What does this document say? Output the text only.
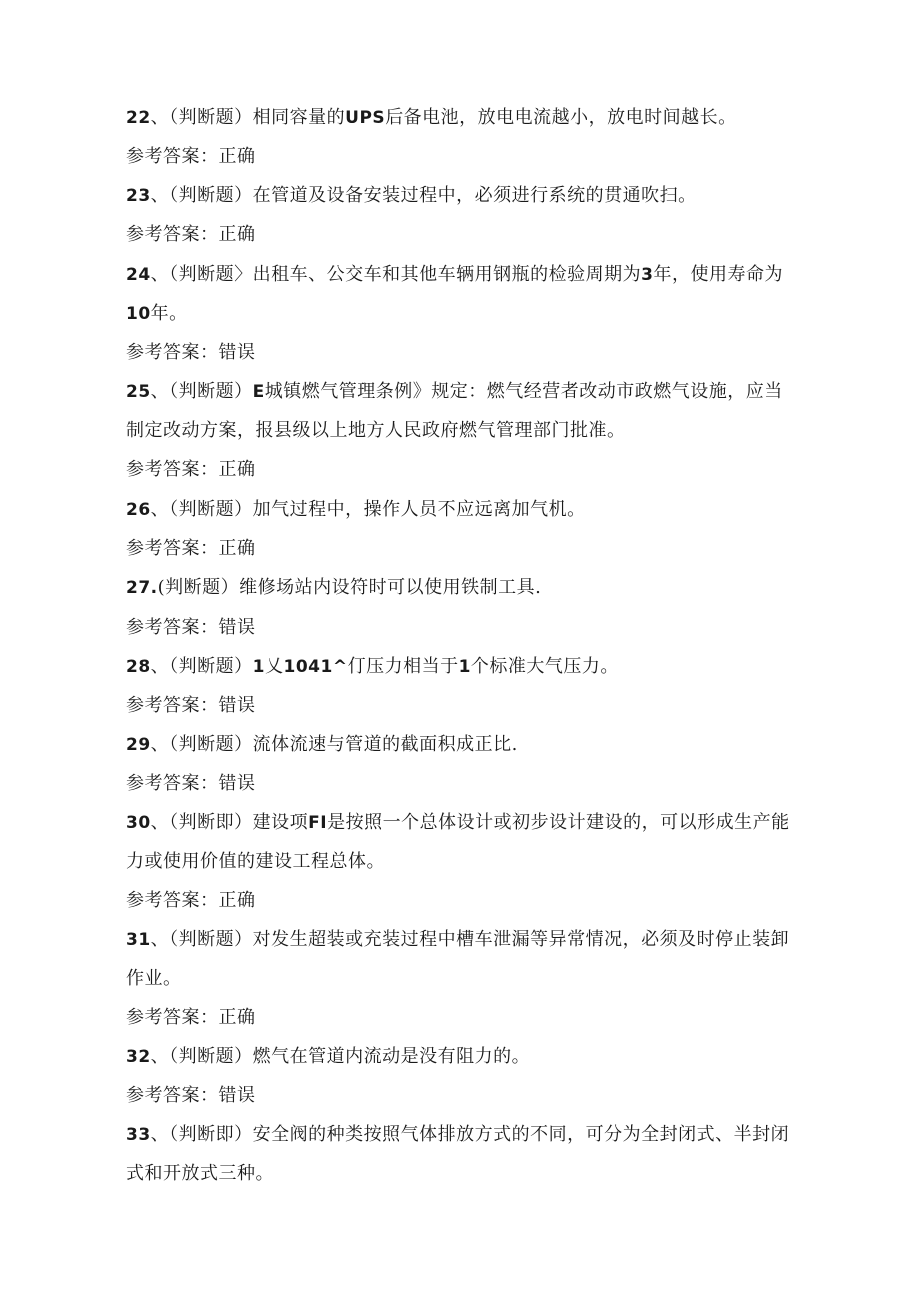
22、（判断题）相同容量的UPS后备电池，放电电流越小，放电时间越长。
参考答案：正确
23、（判断题）在管道及设备安装过程中，必须进行系统的贯通吹扫。
参考答案：正确
24、（判断题〉出租车、公交车和其他车辆用钢瓶的检验周期为3年，使用寿命为
10年。
参考答案：错误
25、（判断题）E城镇燃气管理条例》规定：燃气经营者改动市政燃气设施，应当
制定改动方案，报县级以上地方人民政府燃气管理部门批准。
参考答案：正确
26、（判断题）加气过程中，操作人员不应远离加气机。
参考答案：正确
27.(判断题）维修场站内设符时可以使用铁制工具.
参考答案：错误
28、（判断题）1乂1041^仃压力相当于1个标准大气压力。
参考答案：错误
29、（判断题）流体流速与管道的截面积成正比.
参考答案：错误
30、（判断即）建设项FI是按照一个总体设计或初步设计建设的，可以形成生产能
力或使用价值的建设工程总体。
参考答案：正确
31、（判断题）对发生超装或充装过程中槽车泄漏等异常情况，必须及时停止装卸
作业。
参考答案：正确
32、（判断题）燃气在管道内流动是没有阻力的。
参考答案：错误
33、（判断即）安全阀的种类按照气体排放方式的不同，可分为全封闭式、半封闭
式和开放式三种。
